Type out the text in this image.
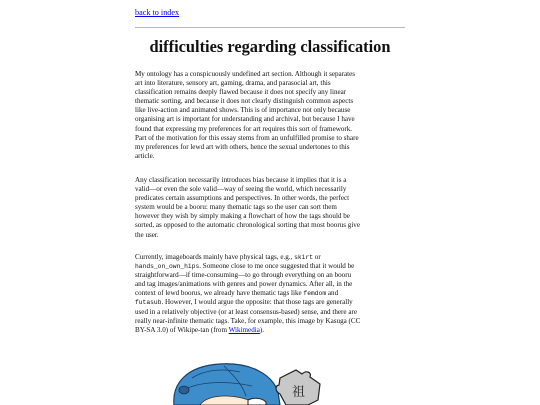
back to index
difficulties regarding classification
My ontology has a conspicuously undefined art section. Although it separates
art into literature, sensory art, gaming, drama, and parasocial art, this
classification remains deeply flawed because it does not specify any linear
thematic sorting, and because it does not clearly distinguish common aspects
like live-action and animated shows. This is of importance not only because
organising art is important for understanding and archival, but because I have
found that expressing my preferences for art requires this sort of framework.
Part of the motivation for this essay stems from an unfulfilled promise to share
my preferences for lewd art with others, hence the sexual undertones to this
article.
Any classification necessarily introduces bias because it implies that it is a
valid—or even the sole valid—way of seeing the world, which necessarily
predicates certain assumptions and perspectives. In other words, the perfect
system would be a booru: many thematic tags so the user can sort them
however they wish by simply making a flowchart of how the tags should be
sorted, as opposed to the automatic chronological sorting that most boorus give
the user.
Currently, imageboards mainly have physical tags, e.g., skirt or
hands_on_own_hips. Someone close to me once suggested that it would be
straightforward—if time-consuming—to go through everything on an booru
and tag images/animations with genres and power dynamics. After all, in the
context of lewd boorus, we already have thematic tags like femdom and
futasub. However, I would argue the opposite: that those tags are generally
used in a relatively objective (or at least consensus-based) sense, and there are
really near-infinite thematic tags. Take, for example, this image by Kasuga (CC
BY-SA 3.0) of Wikipe-tan (from Wikimedia).
祖
